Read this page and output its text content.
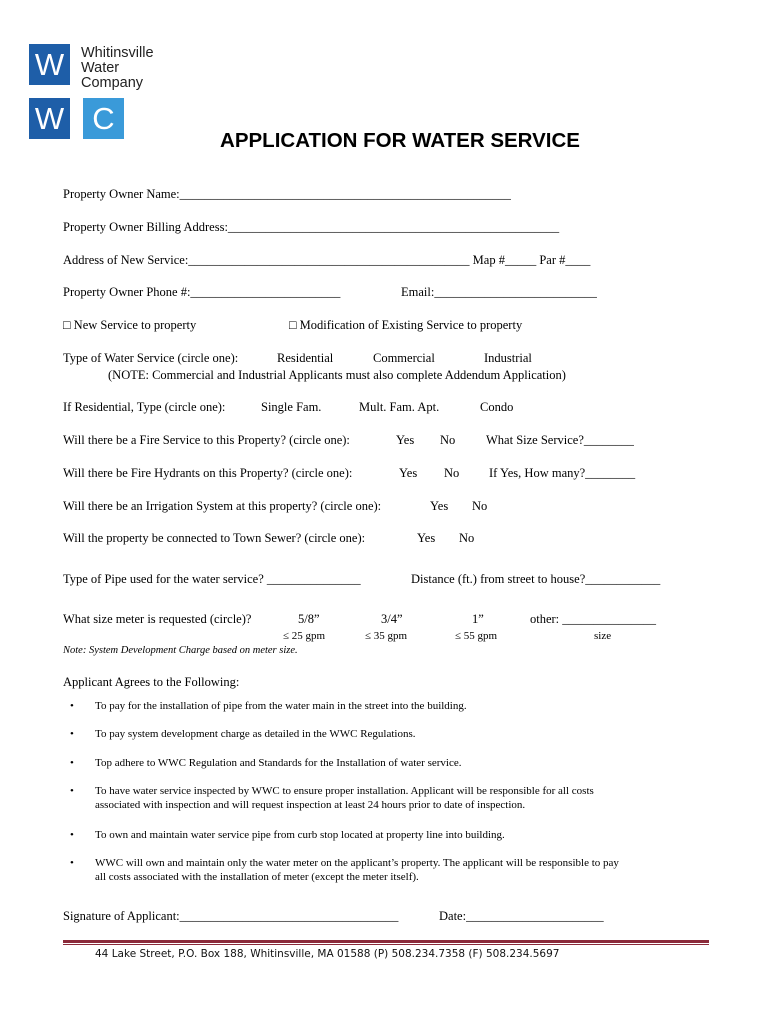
W
W C
Whitinsville
Water
Company
APPLICATION FOR WATER SERVICE
Property Owner Name:_____________________________________________________
Property Owner Billing Address:_____________________________________________________
Address of New Service:_____________________________________________ Map #_____ Par #____
Property Owner Phone #:________________________	Email:__________________________
□ New Service to property	□ Modification of Existing Service to property
Type of Water Service (circle one):	Residential	Commercial	Industrial
(NOTE: Commercial and Industrial Applicants must also complete Addendum Application)
If Residential, Type (circle one):	Single Fam.	Mult. Fam. Apt.	Condo
Will there be a Fire Service to this Property? (circle one):	Yes No What Size Service?________
Will there be Fire Hydrants on this Property? (circle one):	Yes No If Yes, How many?________
Will there be an Irrigation System at this property? (circle one):	Yes No
Will the property be connected to Town Sewer? (circle one):	Yes No
Type of Pipe used for the water service? _______________	Distance (ft.) from street to house?____________
What size meter is requested (circle)?	5/8”	3/4”	1”	other: _______________
≤ 25 gpm	≤ 35 gpm	≤ 55 gpm	size
Note: System Development Charge based on meter size.
Applicant Agrees to the Following:
• To pay for the installation of pipe from the water main in the street into the building.
• To pay system development charge as detailed in the WWC Regulations.
• Top adhere to WWC Regulation and Standards for the Installation of water service.
• To have water service inspected by WWC to ensure proper installation. Applicant will be responsible for all costs
associated with inspection and will request inspection at least 24 hours prior to date of inspection.
• To own and maintain water service pipe from curb stop located at property line into building.
• WWC will own and maintain only the water meter on the applicant’s property. The applicant will be responsible to pay
all costs associated with the installation of meter (except the meter itself).
Signature of Applicant:___________________________________	Date:______________________
44 Lake Street, P.O. Box 188, Whitinsville, MA 01588 (P) 508.234.7358 (F) 508.234.5697
